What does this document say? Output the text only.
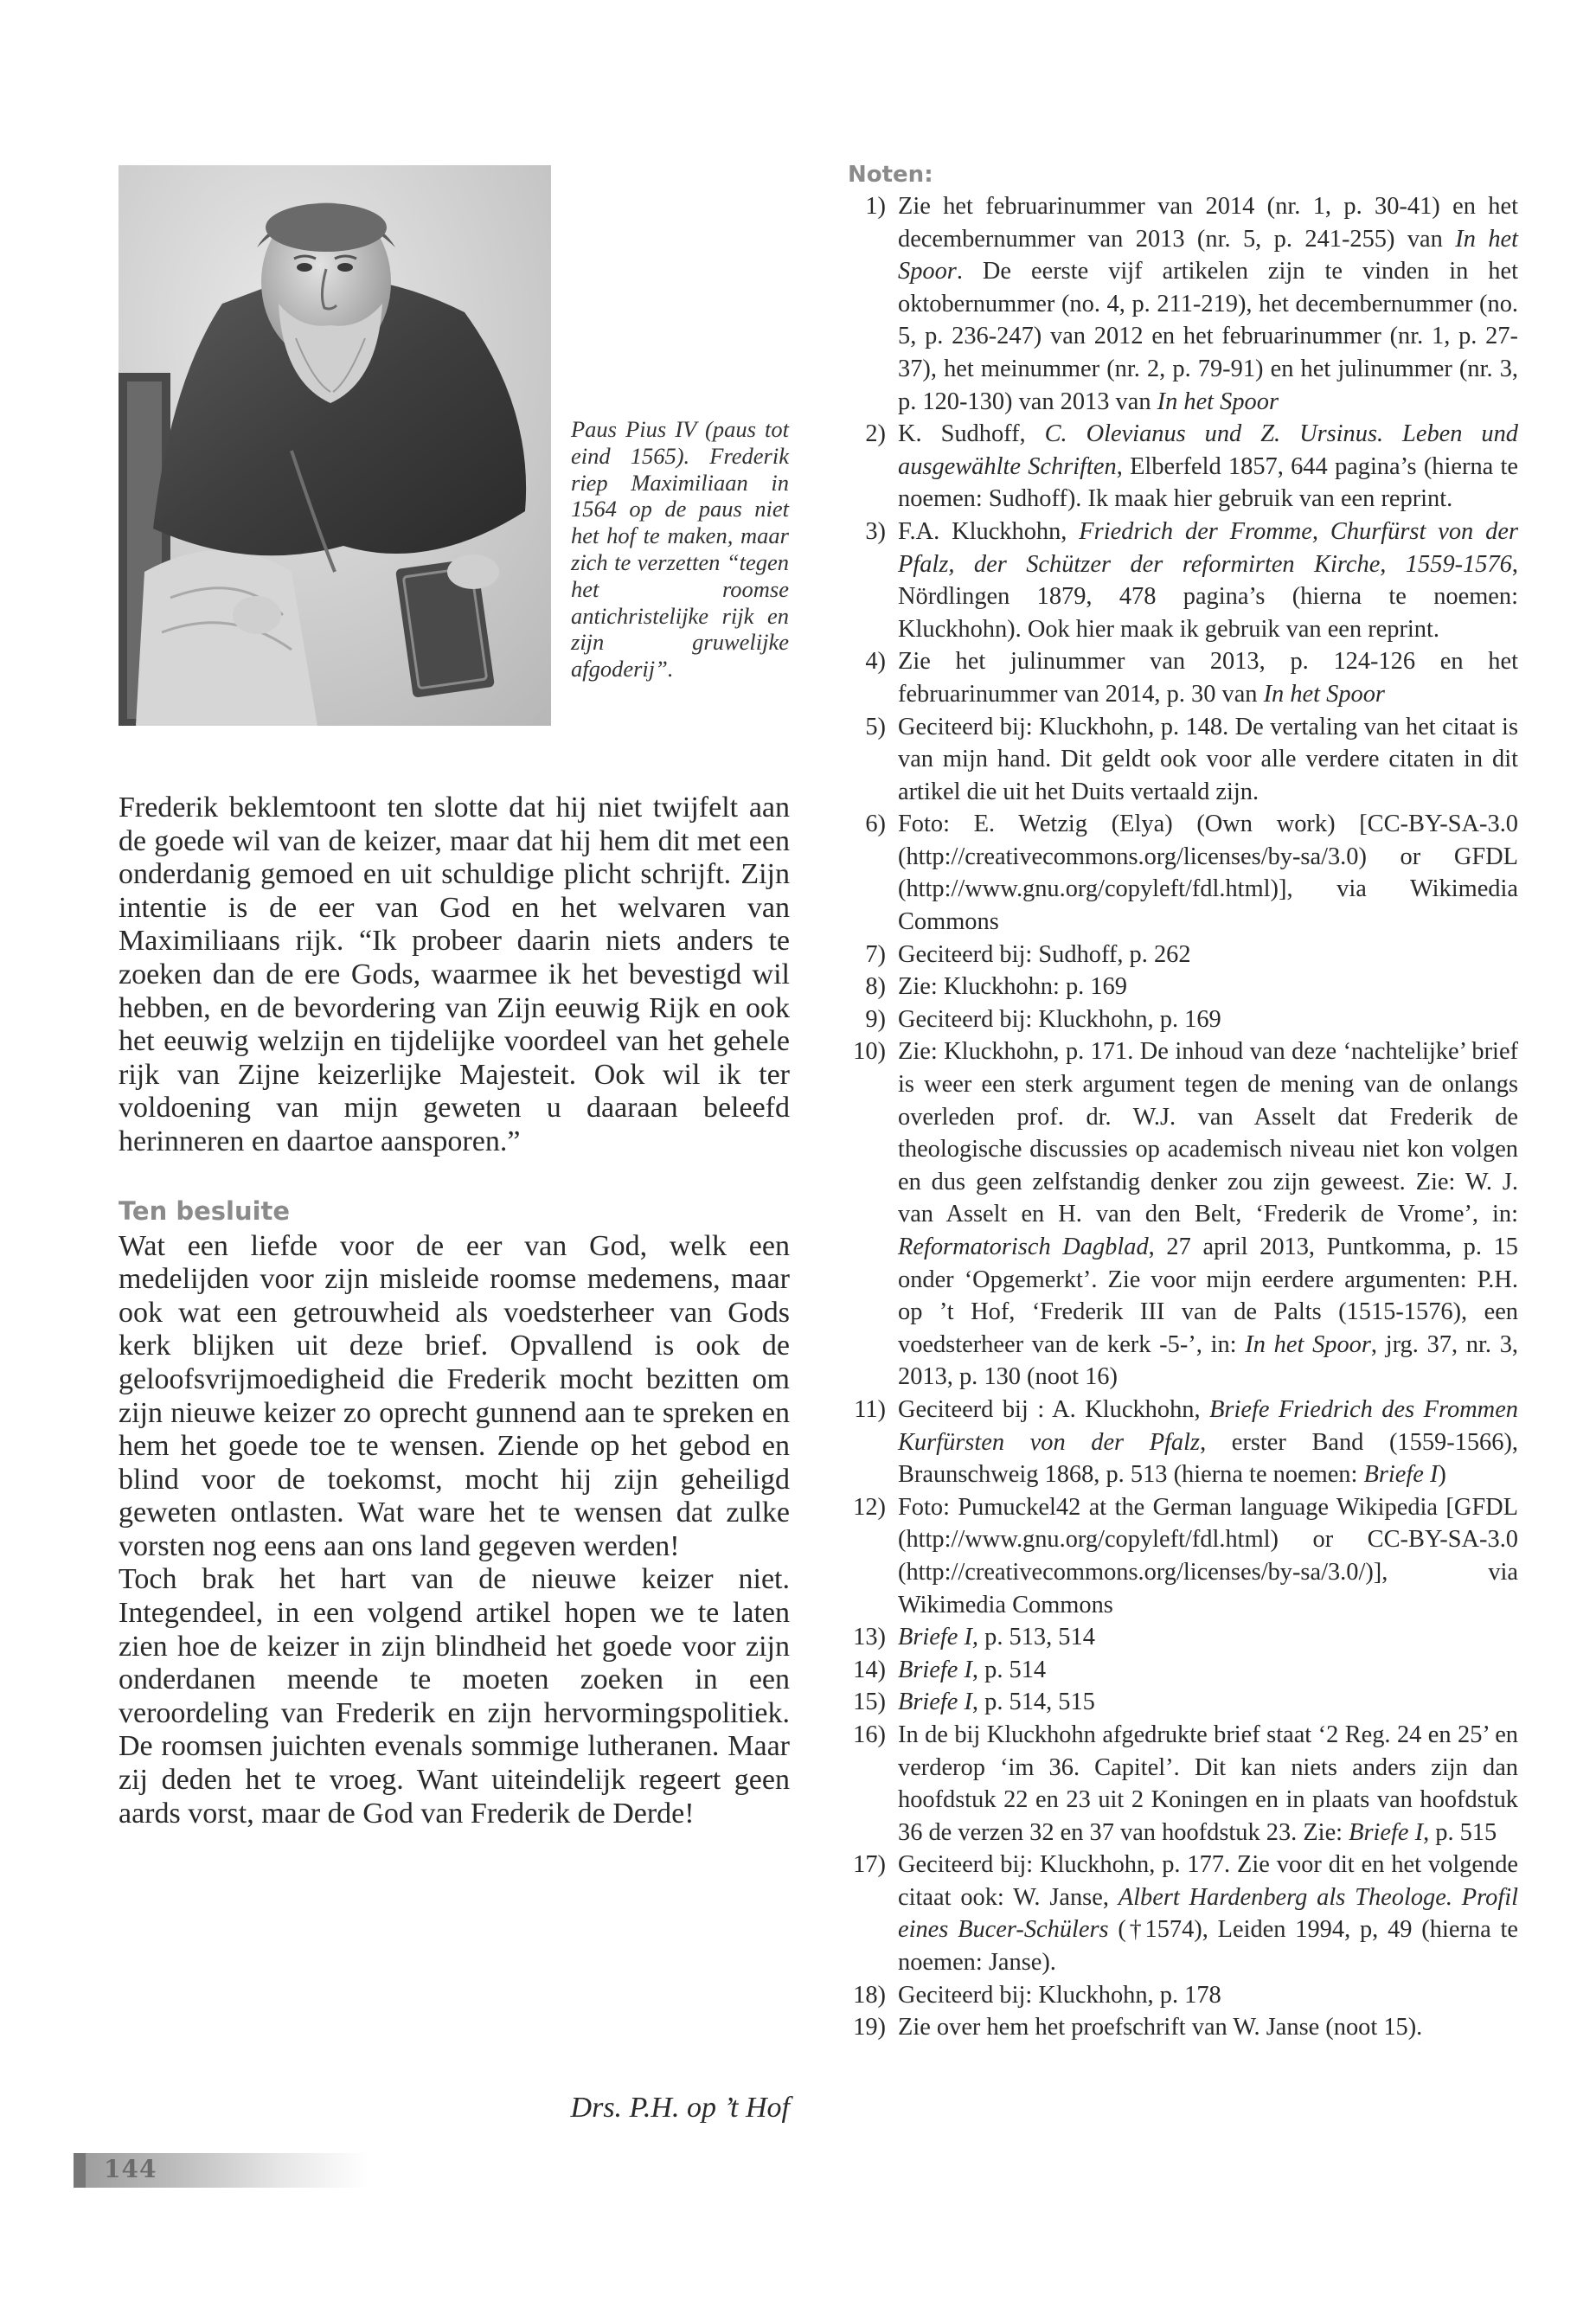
Paus Pius IV (paus tot eind 1565). Frederik riep Maximiliaan in 1564 op de paus niet het hof te maken, maar zich te verzetten “tegen het roomse antichristelijke rijk en zijn gruwelijke afgoderij”.

Frederik beklemtoont ten slotte dat hij niet twijfelt aan de goede wil van de keizer, maar dat hij hem dit met een onderdanig gemoed en uit schuldige plicht schrijft. Zijn intentie is de eer van God en het welvaren van Maximiliaans rijk. “Ik probeer daarin niets anders te zoeken dan de ere Gods, waarmee ik het bevestigd wil hebben, en de bevordering van Zijn eeuwig Rijk en ook het eeuwig welzijn en tijdelijke voordeel van het gehele rijk van Zijne keizerlijke Majesteit. Ook wil ik ter voldoening van mijn geweten u daaraan beleefd herinneren en daartoe aansporen.”

Ten besluite

Wat een liefde voor de eer van God, welk een medelijden voor zijn misleide roomse medemens, maar ook wat een getrouwheid als voedsterheer van Gods kerk blijken uit deze brief. Opvallend is ook de geloofsvrijmoedigheid die Frederik mocht bezitten om zijn nieuwe keizer zo oprecht gunnend aan te spreken en hem het goede toe te wensen. Ziende op het gebod en blind voor de toekomst, mocht hij zijn geheiligd geweten ontlasten. Wat ware het te wensen dat zulke vorsten nog eens aan ons land gegeven werden!

Toch brak het hart van de nieuwe keizer niet. Integendeel, in een volgend artikel hopen we te laten zien hoe de keizer in zijn blindheid het goede voor zijn onderdanen meende te moeten zoeken in een veroordeling van Frederik en zijn hervormingspolitiek. De roomsen juichten evenals sommige lutheranen. Maar zij deden het te vroeg. Want uiteindelijk regeert geen aards vorst, maar de God van Frederik de Derde!

Drs. P.H. op ’t Hof
144
Noten:
1) Zie het februarinummer van 2014 (nr. 1, p. 30-41) en het decembernummer van 2013 (nr. 5, p. 241-255) van In het Spoor. De eerste vijf artikelen zijn te vinden in het oktobernummer (no. 4, p. 211-219), het decembernummer (no. 5, p. 236-247) van 2012 en het februarinummer (nr. 1, p. 27-37), het meinummer (nr. 2, p. 79-91) en het julinummer (nr. 3, p. 120-130) van 2013 van In het Spoor
2) K. Sudhoff, C. Olevianus und Z. Ursinus. Leben und ausgewählte Schriften, Elberfeld 1857, 644 pagina’s (hierna te noemen: Sudhoff). Ik maak hier gebruik van een reprint.
3) F.A. Kluckhohn, Friedrich der Fromme, Churfürst von der Pfalz, der Schützer der reformirten Kirche, 1559-1576, Nördlingen 1879, 478 pagina’s (hierna te noemen: Kluckhohn). Ook hier maak ik gebruik van een reprint.
4) Zie het julinummer van 2013, p. 124-126 en het februarinummer van 2014, p. 30 van In het Spoor
5) Geciteerd bij: Kluckhohn, p. 148. De vertaling van het citaat is van mijn hand. Dit geldt ook voor alle verdere citaten in dit artikel die uit het Duits vertaald zijn.
6) Foto: E. Wetzig (Elya) (Own work) [CC-BY-SA-3.0 (http://creativecommons.org/licenses/by-sa/3.0) or GFDL (http://www.gnu.org/copyleft/fdl.html)], via Wikimedia Commons
7) Geciteerd bij: Sudhoff, p. 262
8) Zie: Kluckhohn: p. 169
9) Geciteerd bij: Kluckhohn, p. 169
10) Zie: Kluckhohn, p. 171. De inhoud van deze ‘nachtelijke’ brief is weer een sterk argument tegen de mening van de onlangs overleden prof. dr. W.J. van Asselt dat Frederik de theologische discussies op academisch niveau niet kon volgen en dus geen zelfstandig denker zou zijn geweest. Zie: W. J. van Asselt en H. van den Belt, ‘Frederik de Vrome’, in: Reformatorisch Dagblad, 27 april 2013, Puntkomma, p. 15 onder ‘Opgemerkt’. Zie voor mijn eerdere argumenten: P.H. op ’t Hof, ‘Frederik III van de Palts (1515-1576), een voedsterheer van de kerk -5-’, in: In het Spoor, jrg. 37, nr. 3, 2013, p. 130 (noot 16)
11) Geciteerd bij : A. Kluckhohn, Briefe Friedrich des Frommen Kurfürsten von der Pfalz, erster Band (1559-1566), Braunschweig 1868, p. 513 (hierna te noemen: Briefe I)
12) Foto: Pumuckel42 at the German language Wikipedia [GFDL (http://www.gnu.org/copyleft/fdl.html) or CC-BY-SA-3.0 (http://creativecommons.org/licenses/by-sa/3.0/)], via Wikimedia Commons
13) Briefe I, p. 513, 514
14) Briefe I, p. 514
15) Briefe I, p. 514, 515
16) In de bij Kluckhohn afgedrukte brief staat ‘2 Reg. 24 en 25’ en verderop ‘im 36. Capitel’. Dit kan niets anders zijn dan hoofdstuk 22 en 23 uit 2 Koningen en in plaats van hoofdstuk 36 de verzen 32 en 37 van hoofdstuk 23. Zie: Briefe I, p. 515
17) Geciteerd bij: Kluckhohn, p. 177. Zie voor dit en het volgende citaat ook: W. Janse, Albert Hardenberg als Theologe. Profil eines Bucer-Schülers (†1574), Leiden 1994, p, 49 (hierna te noemen: Janse).
18) Geciteerd bij: Kluckhohn, p. 178
19) Zie over hem het proefschrift van W. Janse (noot 15).
